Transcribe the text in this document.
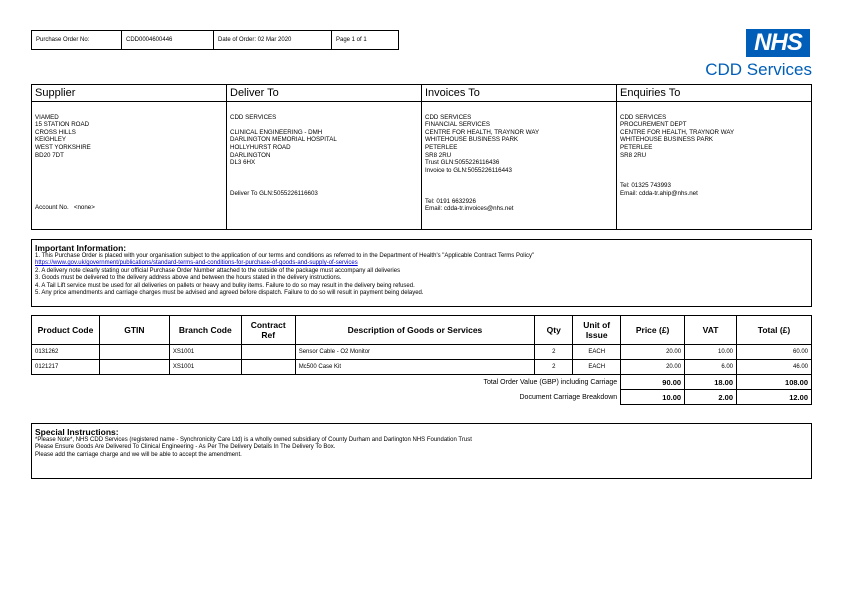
Purchase Order No:	CDD0004600446	Date of Order: 02 Mar 2020	Page 1 of 1	NHS
CDD Services
Supplier

VIAMED
15 STATION ROAD
CROSS HILLS
KEIGHLEY
WEST YORKSHIRE
BD20 7DT

Account No.   <none>

Deliver To

CDD SERVICES

CLINICAL ENGINEERING - DMH
DARLINGTON MEMORIAL HOSPITAL
HOLLYHURST ROAD
DARLINGTON
DL3 6HX

Deliver To GLN:5055226116603

Invoices To

CDD SERVICES
FINANCIAL SERVICES
CENTRE FOR HEALTH, TRAYNOR WAY
WHITEHOUSE BUSINESS PARK
PETERLEE
SR8 2RU
Trust GLN:5055226116436
Invoice to GLN:5055226116443

Tel: 0191 6632926
Email: cdda-tr.invoices@nhs.net

Enquiries To

CDD SERVICES
PROCUREMENT DEPT
CENTRE FOR HEALTH, TRAYNOR WAY
WHITEHOUSE BUSINESS PARK
PETERLEE
SR8 2RU

Tel: 01325 743993
Email: cdda-tr.ahip@nhs.net

Important Information:
1. This Purchase Order is placed with your organisation subject to the application of our terms and conditions as referred to in the Department of Health's "Applicable Contract Terms Policy"
https://www.gov.uk/government/publications/standard-terms-and-conditions-for-purchase-of-goods-and-supply-of-services
2. A delivery note clearly stating our official Purchase Order Number attached to the outside of the package must accompany all deliveries
3. Goods must be delivered to the delivery address above and between the hours stated in the delivery instructions.
4. A Tail Lift service must be used for all deliveries on pallets or heavy and bulky items. Failure to do so may result in the delivery being refused.
5. Any price amendments and carriage charges must be advised and agreed before dispatch. Failure to do so will result in payment being delayed.
Product Code	GTIN	Branch Code	Contract Ref	Description of Goods or Services	Qty	Unit of Issue	Price (£)	VAT	Total (£)
0131262		XS1001		Sensor Cable - O2 Monitor	2	EACH	20.00	10.00	60.00
0121217		XS1001		Mc500 Case Kit	2	EACH	20.00	6.00	46.00
Total Order Value (GBP) including Carriage							90.00	18.00	108.00
Document Carriage Breakdown							10.00	2.00	12.00
Special Instructions:
*Please Note*, NHS CDD Services (registered name - Synchronicity Care Ltd) is a wholly owned subsidiary of County Durham and Darlington NHS Foundation Trust
Please Ensure Goods Are Delivered To Clinical Engineering - As Per The Delivery Details In The Delivery To Box.
Please add the carriage charge and we will be able to accept the amendment.
